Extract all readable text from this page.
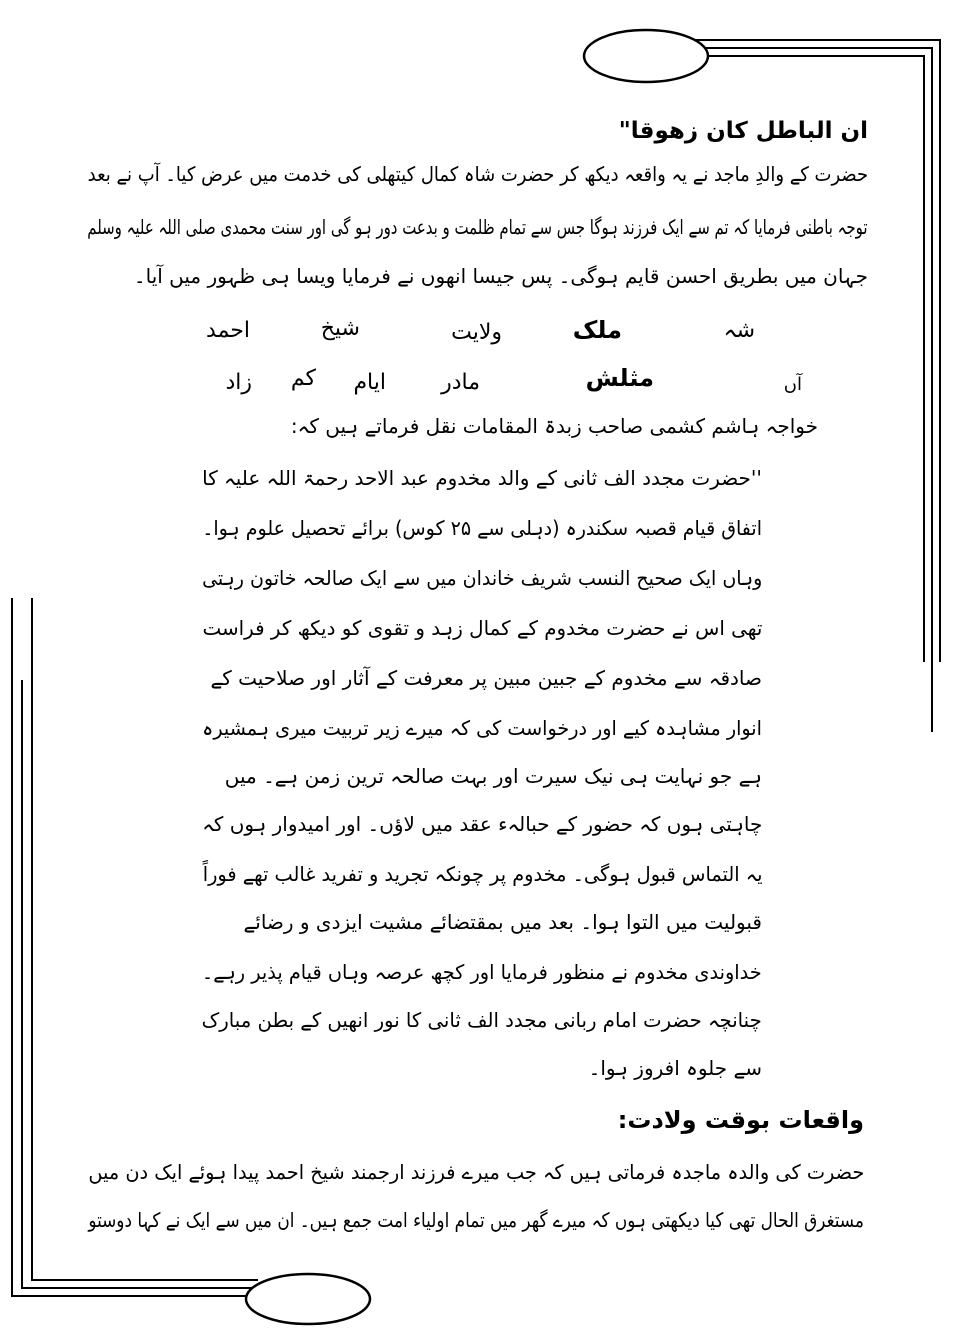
ان الباطل کان زھوقا"

حضرت کے والدِ ماجد نے یہ واقعہ دیکھ کر حضرت شاہ کمال کیتھلی کی خدمت میں عرض کیا۔ آپ نے بعد

توجہ باطنی فرمایا کہ تم سے ایک فرزند ہوگا جس سے تمام ظلمت و بدعت دور ہو گی اور سنت محمدی صلی اللہ علیہ وسلم

جہان میں بطریق احسن قایم ہوگی۔ پس جیسا انھوں نے فرمایا ویسا ہی ظہور میں آیا۔

شہ
ملک
ولایت
شیخ
احمد
آں
مثلش
مادر
ایام
کم
زاد

خواجہ ہاشم کشمی صاحب زبدۃ المقامات نقل فرماتے ہیں کہ:

''حضرت مجدد الف ثانی کے والد مخدوم عبد الاحد رحمۃ اللہ علیہ کا

اتفاق قیام قصبہ سکندرہ (دہلی سے ۲۵ کوس) برائے تحصیل علوم ہوا۔

وہاں ایک صحیح النسب شریف خاندان میں سے ایک صالحہ خاتون رہتی

تھی اس نے حضرت مخدوم کے کمال زہد و تقوی کو دیکھ کر فراست

صادقہ سے مخدوم کے جبین مبین پر معرفت کے آثار اور صلاحیت کے

انوار مشاہدہ کیے اور درخواست کی کہ میرے زیر تربیت میری ہمشیرہ

ہے جو نہایت ہی نیک سیرت اور بہت صالحہ ترین زمن ہے۔ میں

چاہتی ہوں کہ حضور کے حبالہء عقد میں لاؤں۔ اور امیدوار ہوں کہ

یہ التماس قبول ہوگی۔ مخدوم پر چونکہ تجرید و تفرید غالب تھے فوراً

قبولیت میں التوا ہوا۔ بعد میں بمقتضائے مشیت ایزدی و رضائے

خداوندی مخدوم نے منظور فرمایا اور کچھ عرصہ وہاں قیام پذیر رہے۔

چنانچہ حضرت امام ربانی مجدد الف ثانی کا نور انھیں کے بطن مبارک

سے جلوہ افروز ہوا۔

واقعات بوقت ولادت:

حضرت کی والدہ ماجدہ فرماتی ہیں کہ جب میرے فرزند ارجمند شیخ احمد پیدا ہوئے ایک دن میں

مستغرق الحال تھی کیا دیکھتی ہوں کہ میرے گھر میں تمام اولیاء امت جمع ہیں۔ ان میں سے ایک نے کہا دوستو
